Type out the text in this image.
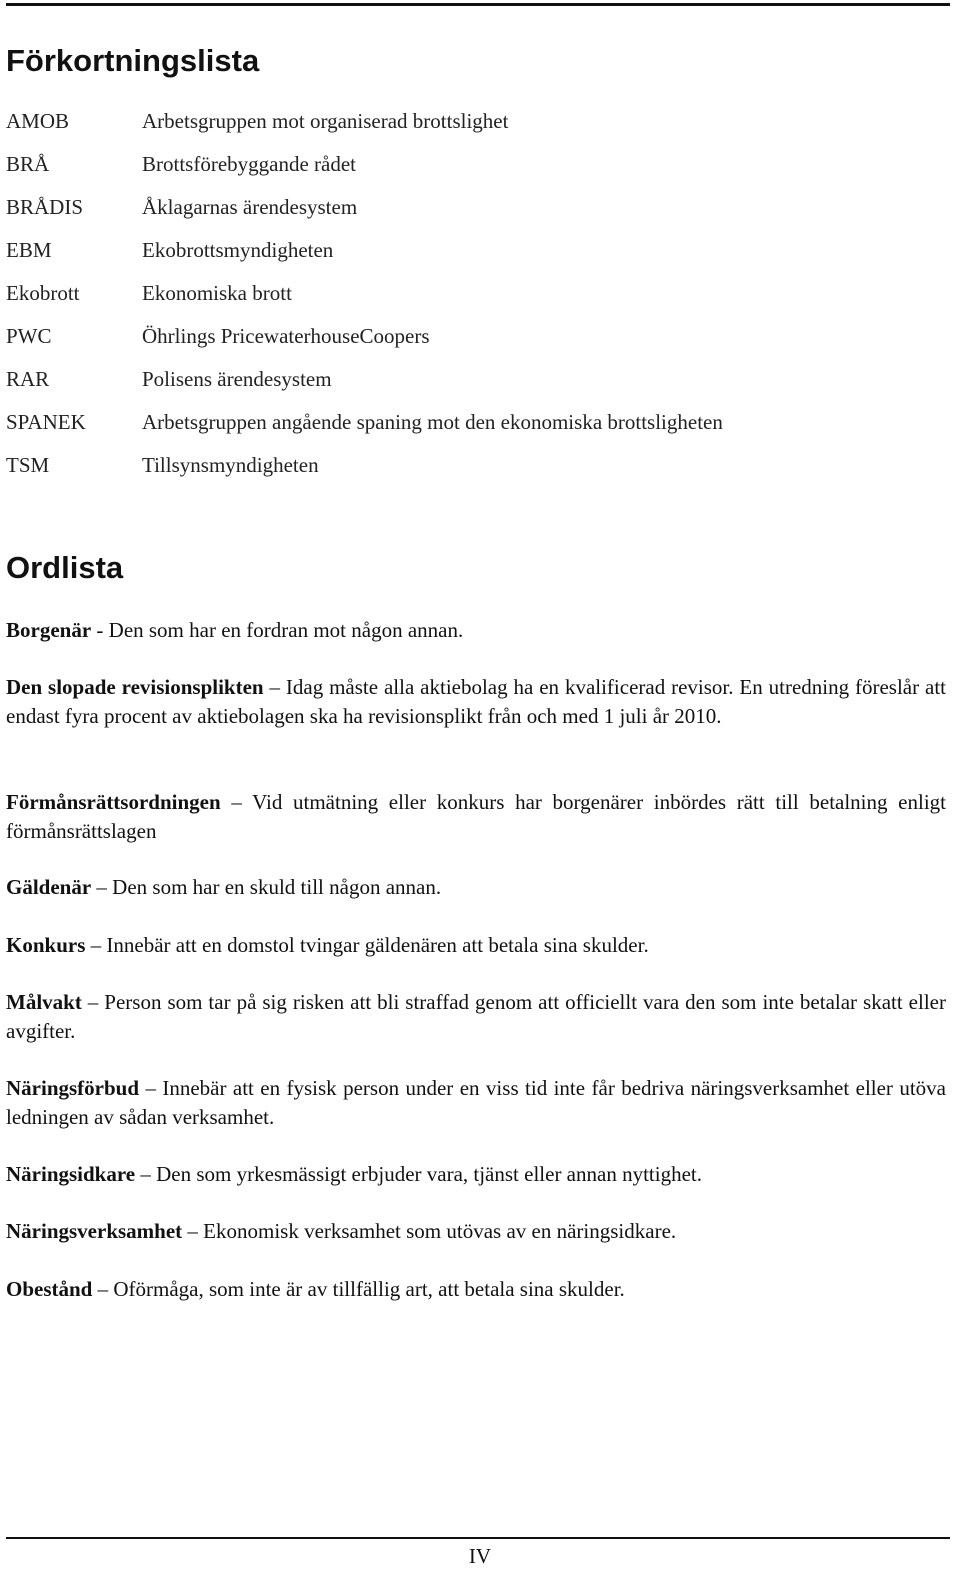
Förkortningslista
AMOB	Arbetsgruppen mot organiserad brottslighet
BRÅ	Brottsförebyggande rådet
BRÅDIS	Åklagarnas ärendesystem
EBM	Ekobrottsmyndigheten
Ekobrott	Ekonomiska brott
PWC	Öhrlings PricewaterhouseCoopers
RAR	Polisens ärendesystem
SPANEK	Arbetsgruppen angående spaning mot den ekonomiska brottsligheten
TSM	Tillsynsmyndigheten
Ordlista

Borgenär - Den som har en fordran mot någon annan.

Den slopade revisionsplikten – Idag måste alla aktiebolag ha en kvalificerad revisor. En utredning föreslår att endast fyra procent av aktiebolagen ska ha revisionsplikt från och med 1 juli år 2010.

Förmånsrättsordningen – Vid utmätning eller konkurs har borgenärer inbördes rätt till betalning enligt förmånsrättslagen

Gäldenär – Den som har en skuld till någon annan.

Konkurs – Innebär att en domstol tvingar gäldenären att betala sina skulder.

Målvakt – Person som tar på sig risken att bli straffad genom att officiellt vara den som inte betalar skatt eller avgifter.

Näringsförbud – Innebär att en fysisk person under en viss tid inte får bedriva näringsverksamhet eller utöva ledningen av sådan verksamhet.

Näringsidkare – Den som yrkesmässigt erbjuder vara, tjänst eller annan nyttighet.

Näringsverksamhet – Ekonomisk verksamhet som utövas av en näringsidkare.

Obestånd – Oförmåga, som inte är av tillfällig art, att betala sina skulder.

IV
